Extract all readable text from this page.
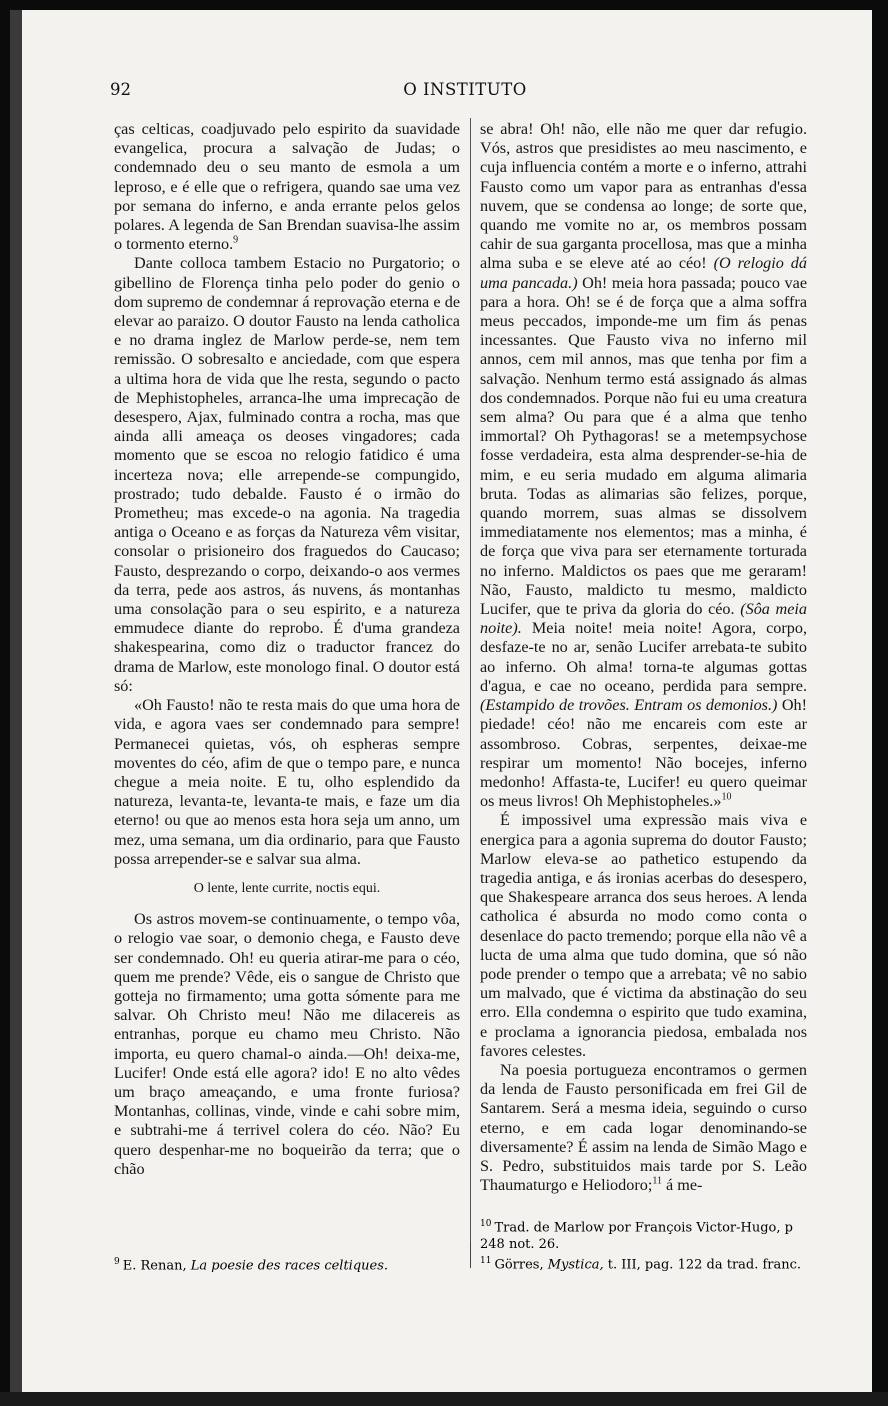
92	O INSTITUTO

ças celticas, coadjuvado pelo espirito da suavidade evangelica, procura a salvação de Judas; o condemnado deu o seu manto de esmola a um leproso, e é elle que o refrigera, quando sae uma vez por semana do inferno, e anda errante pelos gelos polares. A legenda de San Brendan suavisa-lhe assim o tormento eterno.$^9$

Dante colloca tambem Estacio no Purgatorio; o gibellino de Florença tinha pelo poder do genio o dom supremo de condemnar á reprovação eterna e de elevar ao paraizo. O doutor Fausto na lenda catholica e no drama inglez de Marlow perde-se, nem tem remissão. O sobresalto e anciedade, com que espera a ultima hora de vida que lhe resta, segundo o pacto de Mephistopheles, arranca-lhe uma imprecação de desespero, Ajax, fulminado contra a rocha, mas que ainda alli ameaça os deoses vingadores; cada momento que se escoa no relogio fatidico é uma incerteza nova; elle arrepende-se compungido, prostrado; tudo debalde. Fausto é o irmão do Prometheu; mas excede-o na agonia. Na tragedia antiga o Oceano e as forças da Natureza vêm visitar, consolar o prisioneiro dos fraguedos do Caucaso; Fausto, desprezando o corpo, deixando-o aos vermes da terra, pede aos astros, ás nuvens, ás montanhas uma consolação para o seu espirito, e a natureza emmudece diante do reprobo. É d'uma grandeza shakespearina, como diz o traductor francez do drama de Marlow, este monologo final. O doutor está só:

«Oh Fausto! não te resta mais do que uma hora de vida, e agora vaes ser condemnado para sempre! Permanecei quietas, vós, oh espheras sempre moventes do céo, afim de que o tempo pare, e nunca chegue a meia noite. E tu, olho esplendido da natureza, levanta-te, levanta-te mais, e faze um dia eterno! ou que ao menos esta hora seja um anno, um mez, uma semana, um dia ordinario, para que Fausto possa arrepender-se e salvar sua alma.

O lente, lente currite, noctis equi.

Os astros movem-se continuamente, o tempo vôa, o relogio vae soar, o demonio chega, e Fausto deve ser condemnado. Oh! eu queria atirar-me para o céo, quem me prende? Vêde, eis o sangue de Christo que gotteja no firmamento; uma gotta sómente para me salvar. Oh Christo meu! Não me dilacereis as entranhas, porque eu chamo meu Christo. Não importa, eu quero chamal-o ainda.—Oh! deixa-me, Lucifer! Onde está elle agora? ido! E no alto vêdes um braço ameaçando, e uma fronte furiosa? Montanhas, collinas, vinde, vinde e cahi sobre mim, e subtrahi-me á terrivel colera do céo. Não? Eu quero despenhar-me no boqueirão da terra; que o chão

se abra! Oh! não, elle não me quer dar refugio. Vós, astros que presidistes ao meu nascimento, e cuja influencia contém a morte e o inferno, attrahi Fausto como um vapor para as entranhas d'essa nuvem, que se condensa ao longe; de sorte que, quando me vomite no ar, os membros possam cahir de sua garganta procellosa, mas que a minha alma suba e se eleve até ao céo! (O relogio dá uma pancada.) Oh! meia hora passada; pouco vae para a hora. Oh! se é de força que a alma soffra meus peccados, imponde-me um fim ás penas incessantes. Que Fausto viva no inferno mil annos, cem mil annos, mas que tenha por fim a salvação. Nenhum termo está assignado ás almas dos condemnados. Porque não fui eu uma creatura sem alma? Ou para que é a alma que tenho immortal? Oh Pythagoras! se a metempsychose fosse verdadeira, esta alma desprender-se-hia de mim, e eu seria mudado em alguma alimaria bruta. Todas as alimarias são felizes, porque, quando morrem, suas almas se dissolvem immediatamente nos elementos; mas a minha, é de força que viva para ser eternamente torturada no inferno. Maldictos os paes que me geraram! Não, Fausto, maldicto tu mesmo, maldicto Lucifer, que te priva da gloria do céo. (Sôa meia noite). Meia noite! meia noite! Agora, corpo, desfaze-te no ar, senão Lucifer arrebata-te subito ao inferno. Oh alma! torna-te algumas gottas d'agua, e cae no oceano, perdida para sempre. (Estampido de trovões. Entram os demonios.) Oh! piedade! céo! não me encareis com este ar assombroso. Cobras, serpentes, deixae-me respirar um momento! Não bocejes, inferno medonho! Affasta-te, Lucifer! eu quero queimar os meus livros! Oh Mephistopheles.»$^{10}$

É impossivel uma expressão mais viva e energica para a agonia suprema do doutor Fausto; Marlow eleva-se ao pathetico estupendo da tragedia antiga, e ás ironias acerbas do desespero, que Shakespeare arranca dos seus heroes. A lenda catholica é absurda no modo como conta o desenlace do pacto tremendo; porque ella não vê a lucta de uma alma que tudo domina, que só não pode prender o tempo que a arrebata; vê no sabio um malvado, que é victima da abstinação do seu erro. Ella condemna o espirito que tudo examina, e proclama a ignorancia piedosa, embalada nos favores celestes.

Na poesia portugueza encontramos o germen da lenda de Fausto personificada em frei Gil de Santarem. Será a mesma ideia, seguindo o curso eterno, e em cada logar denominando-se diversamente? É assim na lenda de Simão Mago e S. Pedro, substituidos mais tarde por S. Leão Thaumaturgo e Heliodoro;$^{11}$ á me-

$^9$ E. Renan, La poesie des races celtiques.
$^{10}$ Trad. de Marlow por François Victor-Hugo, p 248 not. 26.
$^{11}$ Görres, Mystica, t. III, pag. 122 da trad. franc.
